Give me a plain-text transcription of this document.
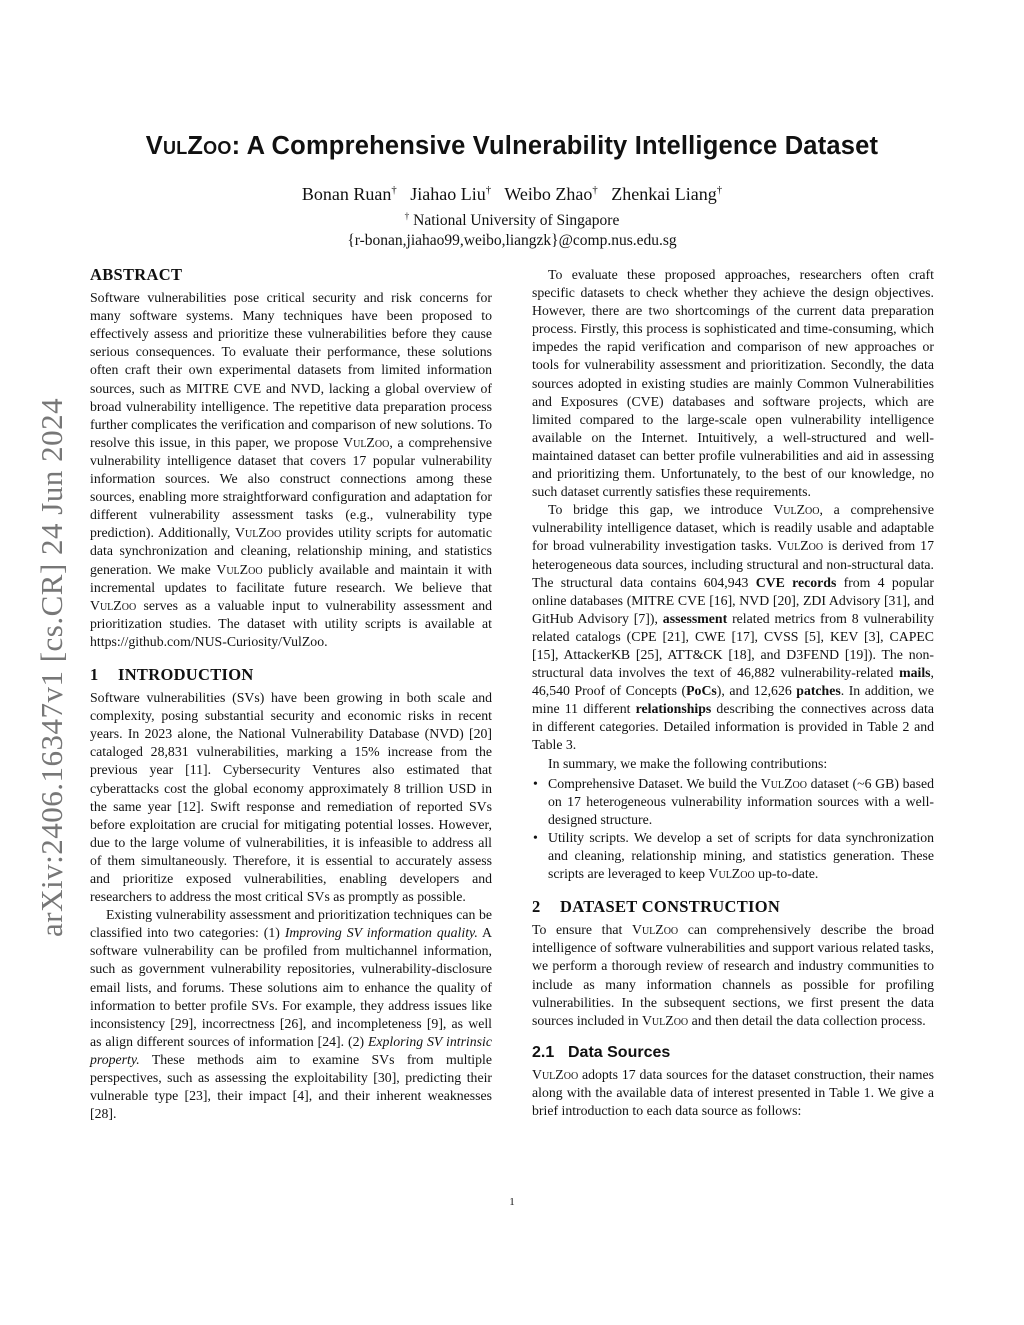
arXiv:2406.16347v1 [cs.CR] 24 Jun 2024
VulZoo: A Comprehensive Vulnerability Intelligence Dataset
Bonan Ruan† Jiahao Liu† Weibo Zhao† Zhenkai Liang†
† National University of Singapore
{r-bonan,jiahao99,weibo,liangzk}@comp.nus.edu.sg
ABSTRACT

Software vulnerabilities pose critical security and risk concerns for many software systems. Many techniques have been proposed to effectively assess and prioritize these vulnerabilities before they cause serious consequences. To evaluate their performance, these solutions often craft their own experimental datasets from limited information sources, such as MITRE CVE and NVD, lacking a global overview of broad vulnerability intelligence. The repetitive data preparation process further complicates the verification and comparison of new solutions. To resolve this issue, in this paper, we propose VulZoo, a comprehensive vulnerability intelligence dataset that covers 17 popular vulnerability information sources. We also construct connections among these sources, enabling more straightforward configuration and adaptation for different vulnerability assessment tasks (e.g., vulnerability type prediction). Additionally, VulZoo provides utility scripts for automatic data synchronization and cleaning, relationship mining, and statistics generation. We make VulZoo publicly available and maintain it with incremental updates to facilitate future research. We believe that VulZoo serves as a valuable input to vulnerability assessment and prioritization studies. The dataset with utility scripts is available at https://github.com/NUS-Curiosity/VulZoo.

1 INTRODUCTION

Software vulnerabilities (SVs) have been growing in both scale and complexity, posing substantial security and economic risks in recent years. In 2023 alone, the National Vulnerability Database (NVD) [20] cataloged 28,831 vulnerabilities, marking a 15% increase from the previous year [11]. Cybersecurity Ventures also estimated that cyberattacks cost the global economy approximately 8 trillion USD in the same year [12]. Swift response and remediation of reported SVs before exploitation are crucial for mitigating potential losses. However, due to the large volume of vulnerabilities, it is infeasible to address all of them simultaneously. Therefore, it is essential to accurately assess and prioritize exposed vulnerabilities, enabling developers and researchers to address the most critical SVs as promptly as possible.

Existing vulnerability assessment and prioritization techniques can be classified into two categories: (1) Improving SV information quality. A software vulnerability can be profiled from multichannel information, such as government vulnerability repositories, vulnerability-disclosure email lists, and forums. These solutions aim to enhance the quality of information to better profile SVs. For example, they address issues like inconsistency [29], incorrectness [26], and incompleteness [9], as well as align different sources of information [24]. (2) Exploring SV intrinsic property. These methods aim to examine SVs from multiple perspectives, such as assessing the exploitability [30], predicting their vulnerable type [23], their impact [4], and their inherent weaknesses [28].

To evaluate these proposed approaches, researchers often craft specific datasets to check whether they achieve the design objectives. However, there are two shortcomings of the current data preparation process. Firstly, this process is sophisticated and time-consuming, which impedes the rapid verification and comparison of new approaches or tools for vulnerability assessment and prioritization. Secondly, the data sources adopted in existing studies are mainly Common Vulnerabilities and Exposures (CVE) databases and software projects, which are limited compared to the large-scale open vulnerability intelligence available on the Internet. Intuitively, a well-structured and well-maintained dataset can better profile vulnerabilities and aid in assessing and prioritizing them. Unfortunately, to the best of our knowledge, no such dataset currently satisfies these requirements.

To bridge this gap, we introduce VulZoo, a comprehensive vulnerability intelligence dataset, which is readily usable and adaptable for broad vulnerability investigation tasks. VulZoo is derived from 17 heterogeneous data sources, including structural and non-structural data. The structural data contains 604,943 CVE records from 4 popular online databases (MITRE CVE [16], NVD [20], ZDI Advisory [31], and GitHub Advisory [7]), assessment related metrics from 8 vulnerability related catalogs (CPE [21], CWE [17], CVSS [5], KEV [3], CAPEC [15], AttackerKB [25], ATT&CK [18], and D3FEND [19]). The non-structural data involves the text of 46,882 vulnerability-related mails, 46,540 Proof of Concepts (PoCs), and 12,626 patches. In addition, we mine 11 different relationships describing the connectives across data in different categories. Detailed information is provided in Table 2 and Table 3.

In summary, we make the following contributions:

• Comprehensive Dataset. We build the VulZoo dataset (~6 GB) based on 17 heterogeneous vulnerability information sources with a well-designed structure.
• Utility scripts. We develop a set of scripts for data synchronization and cleaning, relationship mining, and statistics generation. These scripts are leveraged to keep VulZoo up-to-date.
2 DATASET CONSTRUCTION

To ensure that VulZoo can comprehensively describe the broad intelligence of software vulnerabilities and support various related tasks, we perform a thorough review of research and industry communities to include as many information channels as possible for profiling vulnerabilities. In the subsequent sections, we first present the data sources included in VulZoo and then detail the data collection process.

2.1 Data Sources

VulZoo adopts 17 data sources for the dataset construction, their names along with the available data of interest presented in Table 1. We give a brief introduction to each data source as follows:

1
